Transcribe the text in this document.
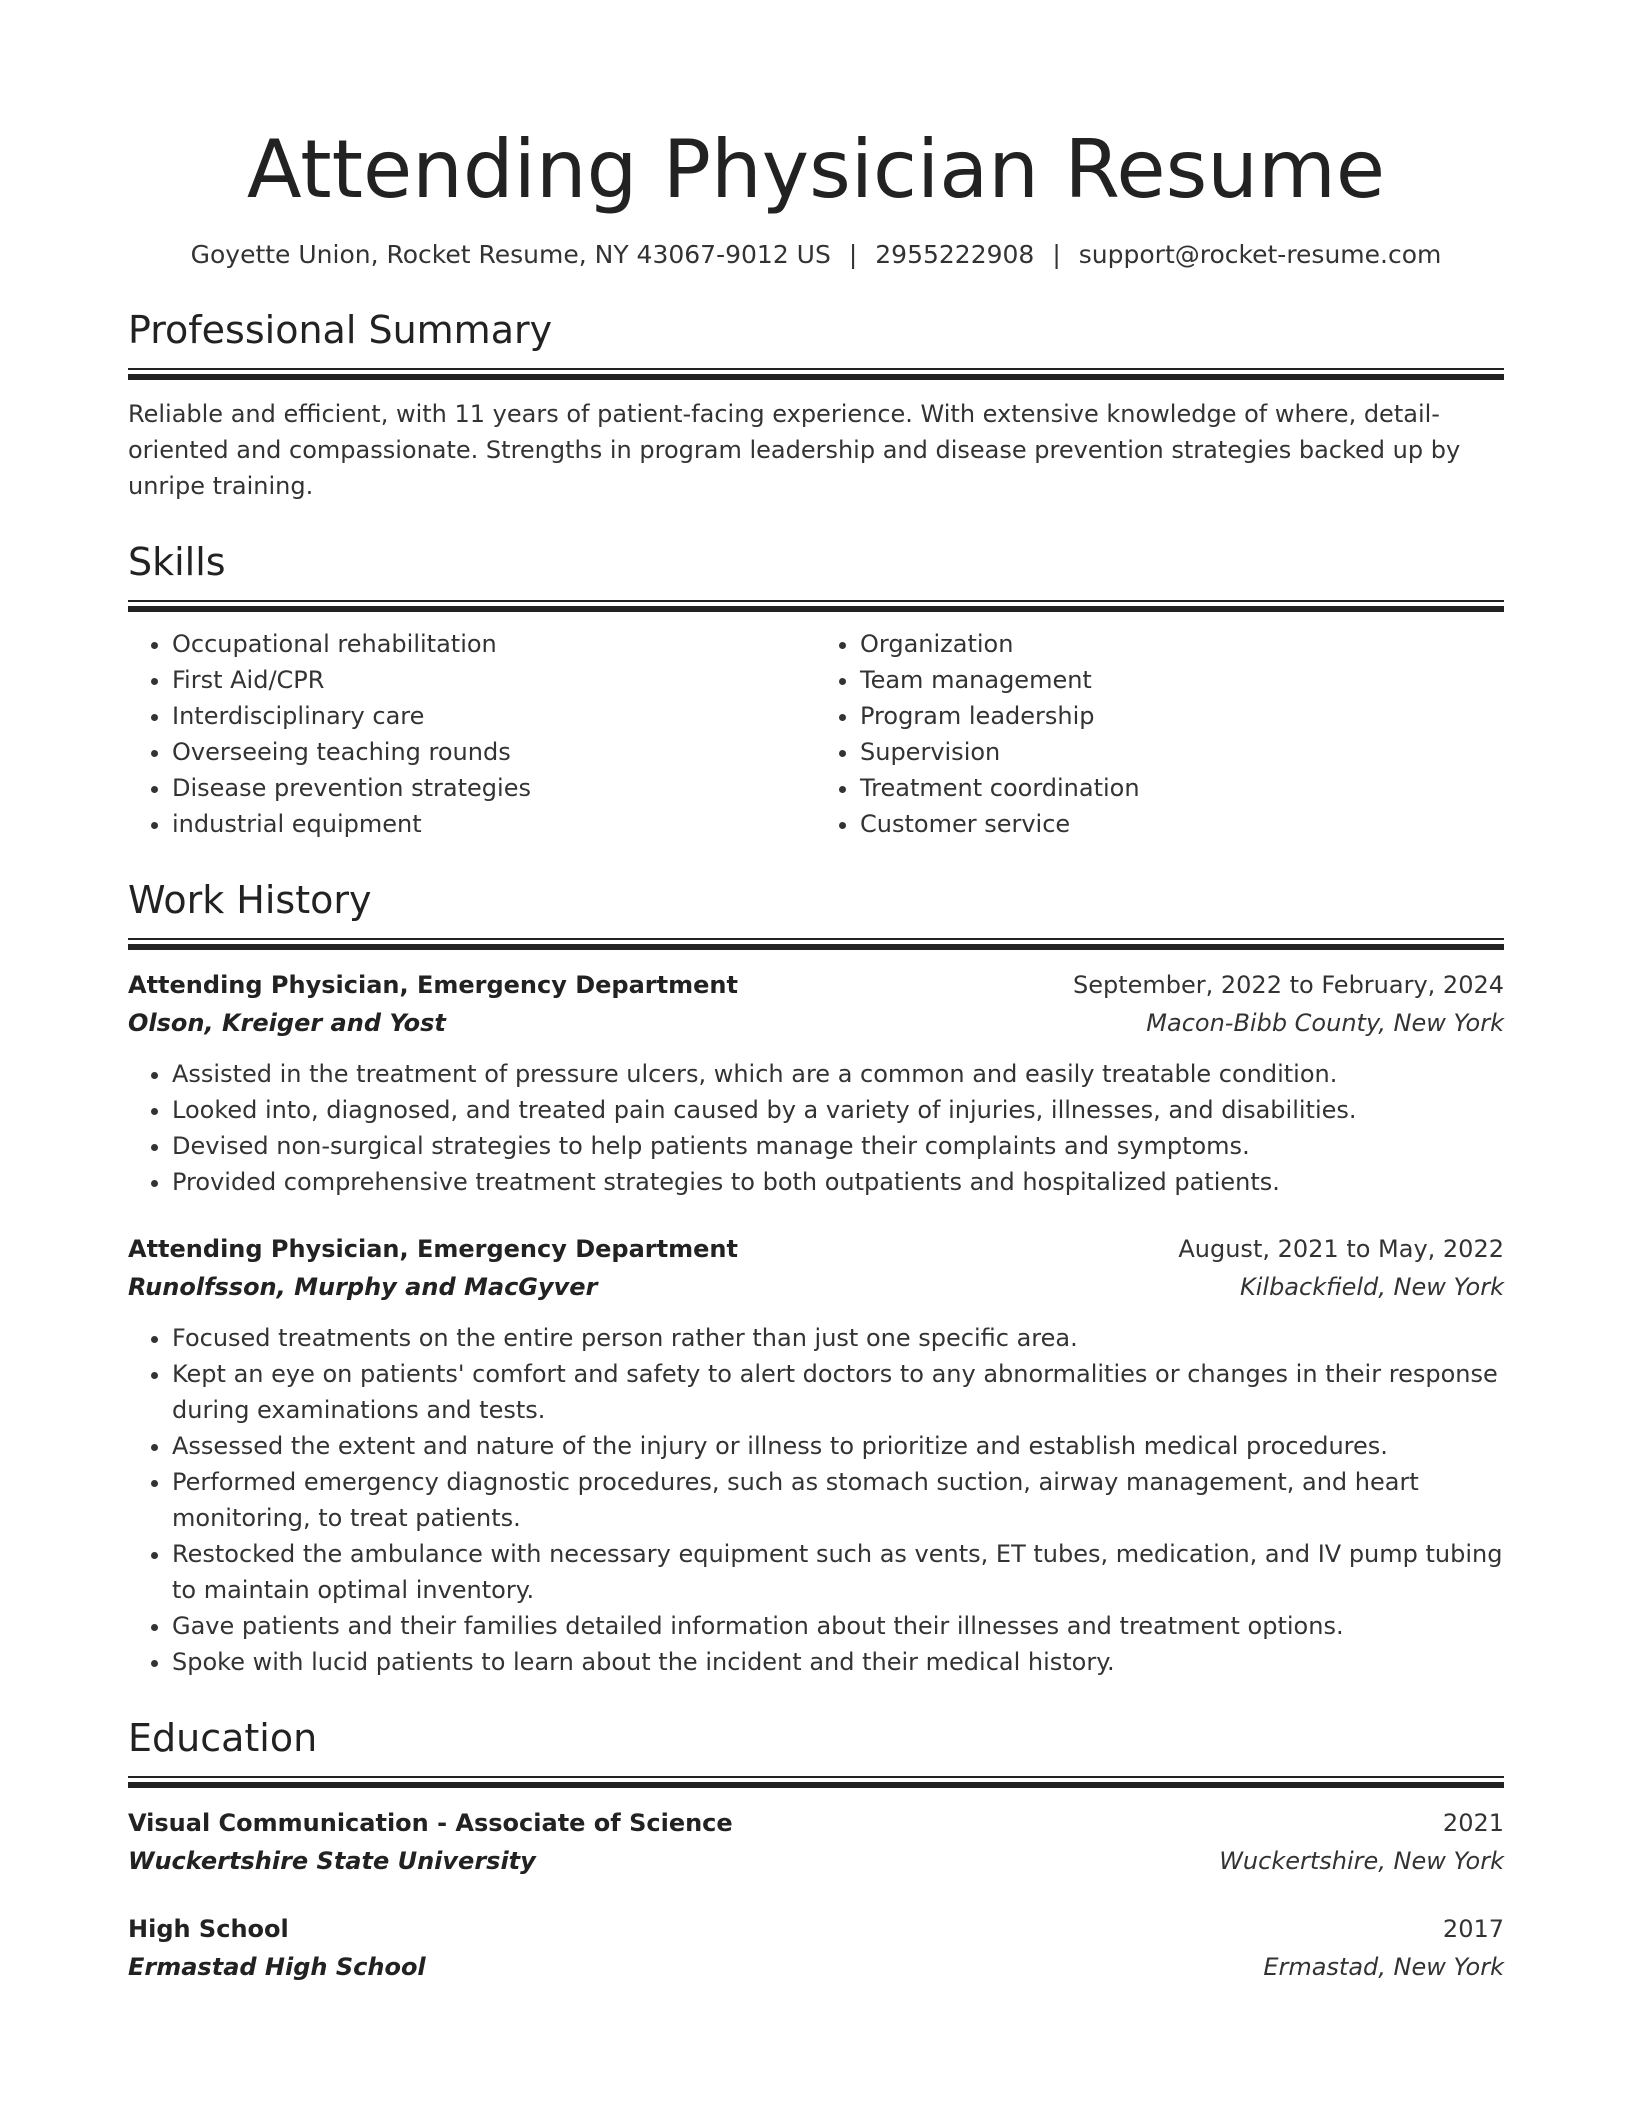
Attending Physician Resume
Goyette Union, Rocket Resume, NY 43067-9012 US | 2955222908 | support@rocket-resume.com
Professional Summary
Reliable and efficient, with 11 years of patient-facing experience. With extensive knowledge of where, detail-oriented and compassionate. Strengths in program leadership and disease prevention strategies backed up by unripe training.
Skills
• Occupational rehabilitation
• First Aid/CPR
• Interdisciplinary care
• Overseeing teaching rounds
• Disease prevention strategies
• industrial equipment
• Organization
• Team management
• Program leadership
• Supervision
• Treatment coordination
• Customer service
Work History
Attending Physician, Emergency Department	September, 2022 to February, 2024
Olson, Kreiger and Yost	Macon-Bibb County, New York
• Assisted in the treatment of pressure ulcers, which are a common and easily treatable condition.
• Looked into, diagnosed, and treated pain caused by a variety of injuries, illnesses, and disabilities.
• Devised non-surgical strategies to help patients manage their complaints and symptoms.
• Provided comprehensive treatment strategies to both outpatients and hospitalized patients.
Attending Physician, Emergency Department	August, 2021 to May, 2022
Runolfsson, Murphy and MacGyver	Kilbackfield, New York
• Focused treatments on the entire person rather than just one specific area.
• Kept an eye on patients' comfort and safety to alert doctors to any abnormalities or changes in their response during examinations and tests.
• Assessed the extent and nature of the injury or illness to prioritize and establish medical procedures.
• Performed emergency diagnostic procedures, such as stomach suction, airway management, and heart monitoring, to treat patients.
• Restocked the ambulance with necessary equipment such as vents, ET tubes, medication, and IV pump tubing to maintain optimal inventory.
• Gave patients and their families detailed information about their illnesses and treatment options.
• Spoke with lucid patients to learn about the incident and their medical history.
Education
Visual Communication - Associate of Science	2021
Wuckertshire State University	Wuckertshire, New York
High School	2017
Ermastad High School	Ermastad, New York
